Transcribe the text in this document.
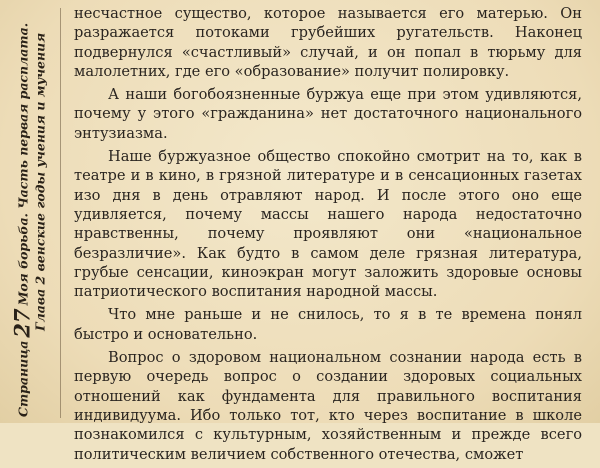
Страница27Моя борьба. Часть первая расплата. Глава 2 венские годы учения и мучения

несчастное существо, которое называется его матерью. Он разражается потоками грубейших ругательств. Наконец подвернулся «счастливый» случай, и он попал в тюрьму для малолетних, где его «образование» получит полировку.

А наши богобоязненные буржуа еще при этом удивляются, почему у этого «гражданина» нет достаточного национального энтузиазма.

Наше буржуазное общество спокойно смотрит на то, как в театре и в кино, в грязной литературе и в сенсационных газетах изо дня в день отравляют народ. И после этого оно еще удивляется, почему массы нашего народа недостаточно нравственны, почему проявляют они «национальное безразличие». Как будто в самом деле грязная литература, грубые сенсации, киноэкран могут заложить здоровые основы патриотического воспитания народной массы.

Что мне раньше и не снилось, то я в те времена понял быстро и основательно.

Вопрос о здоровом национальном сознании народа есть в первую очередь вопрос о создании здоровых социальных отношений как фундамента для правильного воспитания индивидуума. Ибо только тот, кто через воспитание в школе познакомился с культурным, хозяйственным и прежде всего политическим величием собственного отечества, сможет
